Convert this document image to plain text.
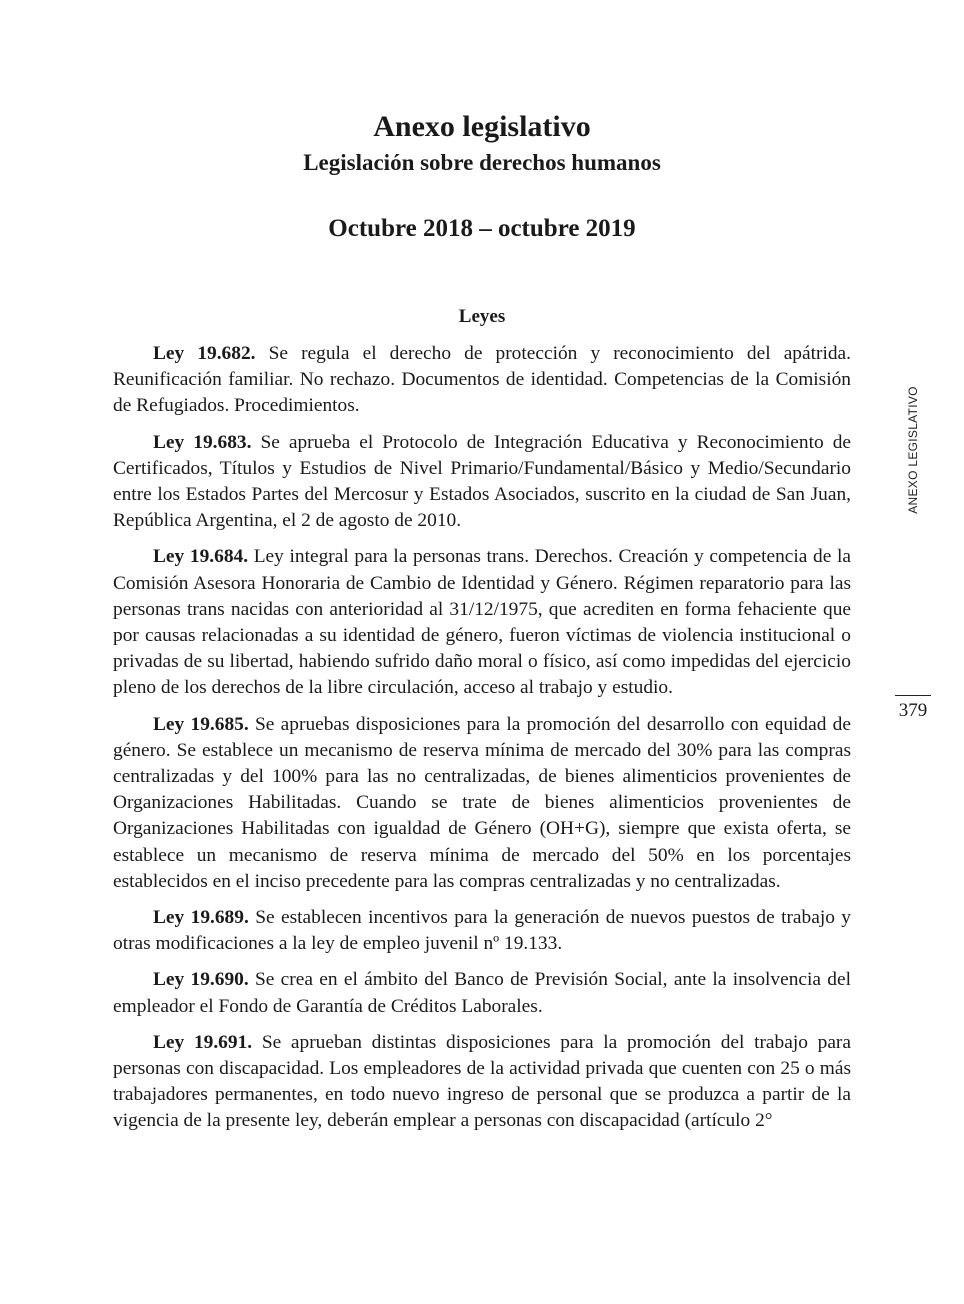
Anexo legislativo
Legislación sobre derechos humanos
Octubre 2018 – octubre 2019
Leyes

Ley 19.682. Se regula el derecho de protección y reconocimiento del apátrida. Reunificación familiar. No rechazo. Documentos de identidad. Competencias de la Comisión de Refugiados. Procedimientos.

Ley 19.683. Se aprueba el Protocolo de Integración Educativa y Reconocimiento de Certificados, Títulos y Estudios de Nivel Primario/Fundamental/Básico y Medio/Secundario entre los Estados Partes del Mercosur y Estados Asociados, suscrito en la ciudad de San Juan, República Argentina, el 2 de agosto de 2010.

Ley 19.684. Ley integral para la personas trans. Derechos. Creación y competencia de la Comisión Asesora Honoraria de Cambio de Identidad y Género. Régimen reparatorio para las personas trans nacidas con anterioridad al 31/12/1975, que acrediten en forma fehaciente que por causas relacionadas a su identidad de género, fueron víctimas de violencia institucional o privadas de su libertad, habiendo sufrido daño moral o físico, así como impedidas del ejercicio pleno de los derechos de la libre circulación, acceso al trabajo y estudio.

Ley 19.685. Se apruebas disposiciones para la promoción del desarrollo con equidad de género. Se establece un mecanismo de reserva mínima de mercado del 30% para las compras centralizadas y del 100% para las no centralizadas, de bienes alimenticios provenientes de Organizaciones Habilitadas. Cuando se trate de bienes alimenticios provenientes de Organizaciones Habilitadas con igualdad de Género (OH+G), siempre que exista oferta, se establece un mecanismo de reserva mínima de mercado del 50% en los porcentajes establecidos en el inciso precedente para las compras centralizadas y no centralizadas.

Ley 19.689. Se establecen incentivos para la generación de nuevos puestos de trabajo y otras modificaciones a la ley de empleo juvenil nº 19.133.

Ley 19.690. Se crea en el ámbito del Banco de Previsión Social, ante la insolvencia del empleador el Fondo de Garantía de Créditos Laborales.

Ley 19.691. Se aprueban distintas disposiciones para la promoción del trabajo para personas con discapacidad. Los empleadores de la actividad privada que cuenten con 25 o más trabajadores permanentes, en todo nuevo ingreso de personal que se produzca a partir de la vigencia de la presente ley, deberán emplear a personas con discapacidad (artículo 2°

ANEXO LEGISLATIVO
379
